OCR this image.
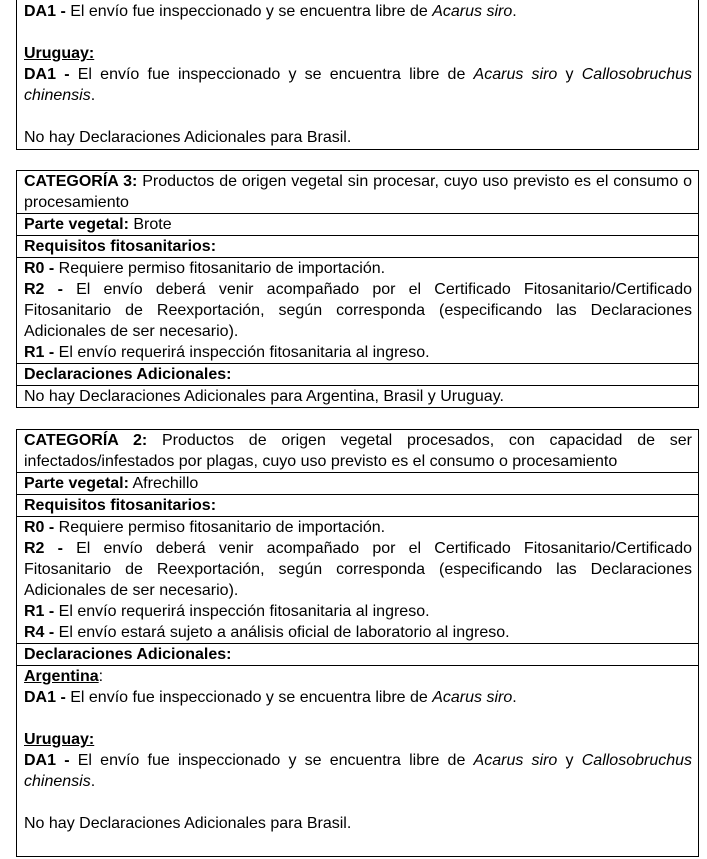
DA1 - El envío fue inspeccionado y se encuentra libre de Acarus siro.
Uruguay:
DA1 - El envío fue inspeccionado y se encuentra libre de Acarus siro y Callosobruchus chinensis.
No hay Declaraciones Adicionales para Brasil.
CATEGORÍA 3: Productos de origen vegetal sin procesar, cuyo uso previsto es el consumo o procesamiento
Parte vegetal: Brote
Requisitos fitosanitarios:
R0 - Requiere permiso fitosanitario de importación.
R2 - El envío deberá venir acompañado por el Certificado Fitosanitario/Certificado Fitosanitario de Reexportación, según corresponda (especificando las Declaraciones Adicionales de ser necesario).
R1 - El envío requerirá inspección fitosanitaria al ingreso.
Declaraciones Adicionales:
No hay Declaraciones Adicionales para Argentina, Brasil y Uruguay.
CATEGORÍA 2: Productos de origen vegetal procesados, con capacidad de ser infectados/infestados por plagas, cuyo uso previsto es el consumo o procesamiento
Parte vegetal: Afrechillo
Requisitos fitosanitarios:
R0 - Requiere permiso fitosanitario de importación.
R2 - El envío deberá venir acompañado por el Certificado Fitosanitario/Certificado Fitosanitario de Reexportación, según corresponda (especificando las Declaraciones Adicionales de ser necesario).
R1 - El envío requerirá inspección fitosanitaria al ingreso.
R4 - El envío estará sujeto a análisis oficial de laboratorio al ingreso.
Declaraciones Adicionales:
Argentina:
DA1 - El envío fue inspeccionado y se encuentra libre de Acarus siro.
Uruguay:
DA1 - El envío fue inspeccionado y se encuentra libre de Acarus siro y Callosobruchus chinensis.
No hay Declaraciones Adicionales para Brasil.
